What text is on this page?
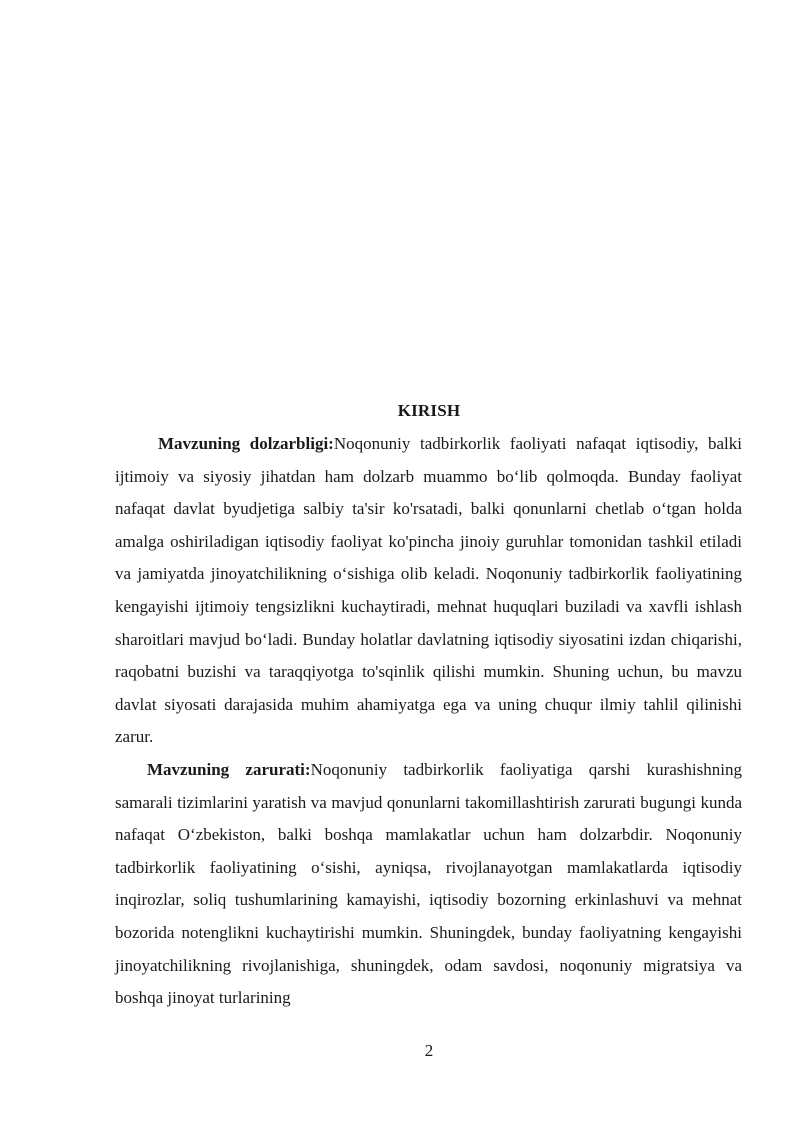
KIRISH

Mavzuning dolzarbligi:Noqonuniy tadbirkorlik faoliyati nafaqat iqtisodiy, balki ijtimoiy va siyosiy jihatdan ham dolzarb muammo bo‘lib qolmoqda. Bunday faoliyat nafaqat davlat byudjetiga salbiy ta'sir ko'rsatadi, balki qonunlarni chetlab o‘tgan holda amalga oshiriladigan iqtisodiy faoliyat ko'pincha jinoiy guruhlar tomonidan tashkil etiladi va jamiyatda jinoyatchilikning o‘sishiga olib keladi. Noqonuniy tadbirkorlik faoliyatining kengayishi ijtimoiy tengsizlikni kuchaytiradi, mehnat huquqlari buziladi va xavfli ishlash sharoitlari mavjud bo‘ladi. Bunday holatlar davlatning iqtisodiy siyosatini izdan chiqarishi, raqobatni buzishi va taraqqiyotga to'sqinlik qilishi mumkin. Shuning uchun, bu mavzu davlat siyosati darajasida muhim ahamiyatga ega va uning chuqur ilmiy tahlil qilinishi zarur.

Mavzuning zarurati:Noqonuniy tadbirkorlik faoliyatiga qarshi kurashishning samarali tizimlarini yaratish va mavjud qonunlarni takomillashtirish zarurati bugungi kunda nafaqat O‘zbekiston, balki boshqa mamlakatlar uchun ham dolzarbdir. Noqonuniy tadbirkorlik faoliyatining o‘sishi, ayniqsa, rivojlanayotgan mamlakatlarda iqtisodiy inqirozlar, soliq tushumlarining kamayishi, iqtisodiy bozorning erkinlashuvi va mehnat bozorida notenglikni kuchaytirishi mumkin. Shuningdek, bunday faoliyatning kengayishi jinoyatchilikning rivojlanishiga, shuningdek, odam savdosi, noqonuniy migratsiya va boshqa jinoyat turlarining

2
